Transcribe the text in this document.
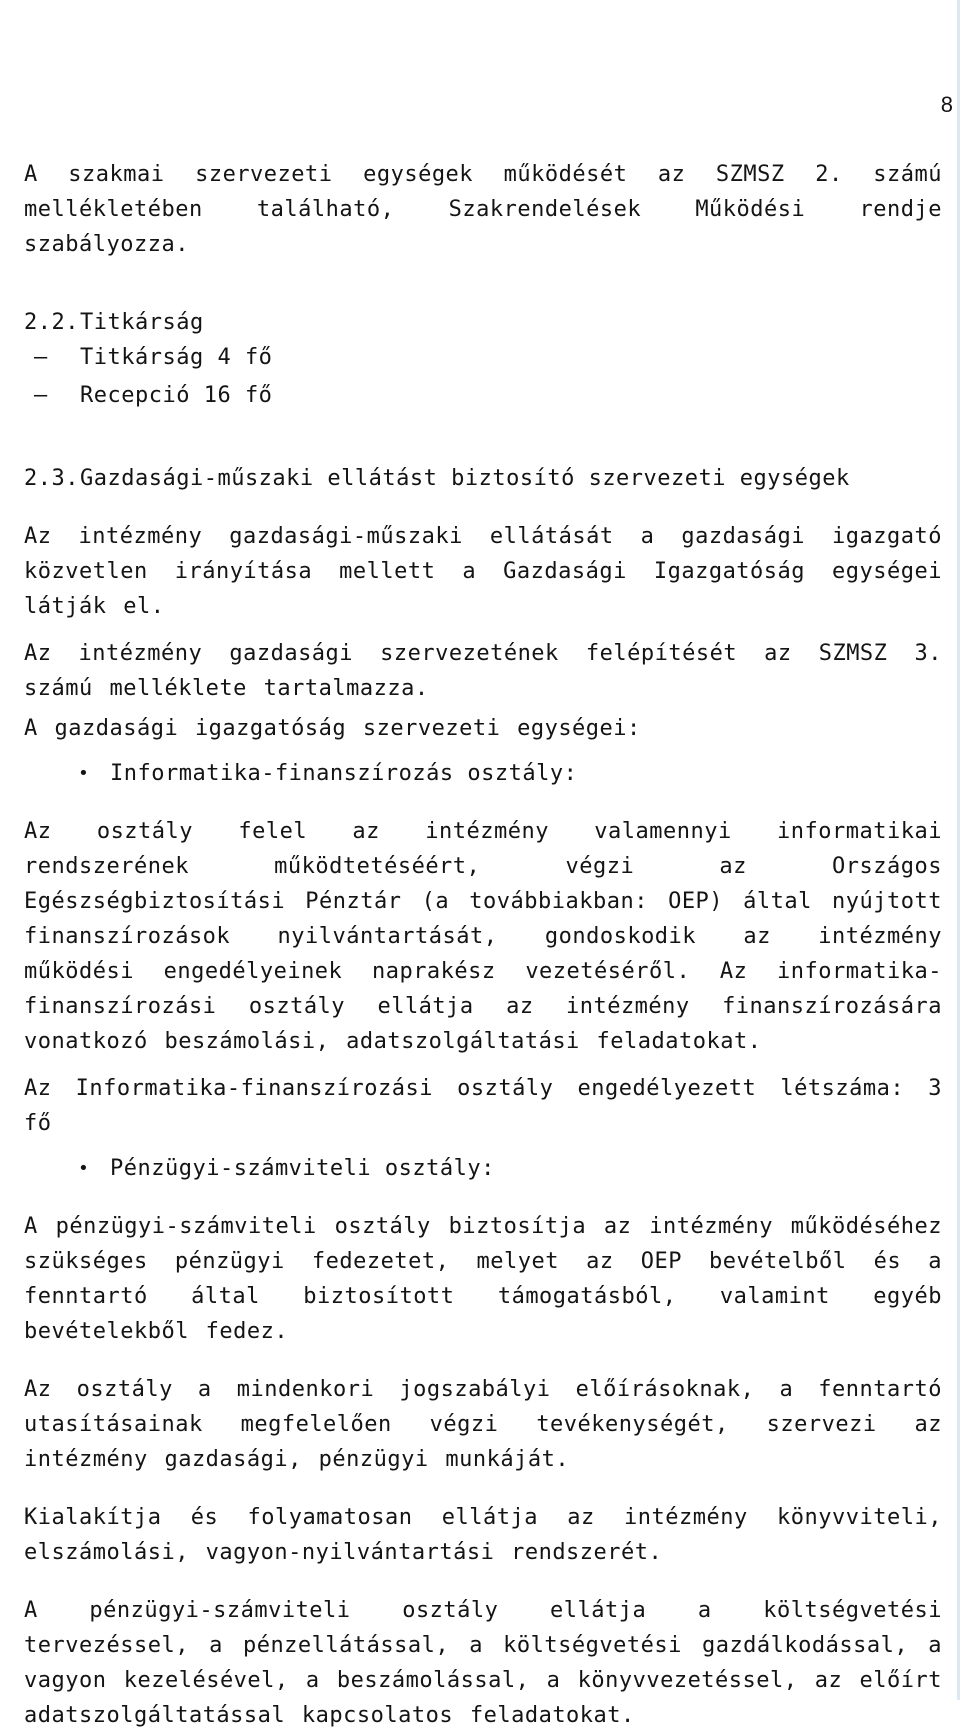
8

A szakmai szervezeti egységek működését az SZMSZ 2. számú mellékletében található, Szakrendelések Működési rendje szabályozza.

2.2. Titkárság
–	Titkárság 4 fő
–	Recepció 16 fő
2.3. Gazdasági-műszaki ellátást biztosító szervezeti egységek

Az intézmény gazdasági-műszaki ellátását a gazdasági igazgató közvetlen irányítása mellett a Gazdasági Igazgatóság egységei látják el.

Az intézmény gazdasági szervezetének felépítését az SZMSZ 3. számú melléklete tartalmazza.

A gazdasági igazgatóság szervezeti egységei:

• Informatika-finanszírozás osztály:

Az osztály felel az intézmény valamennyi informatikai rendszerének működtetéséért, végzi az Országos Egészségbiztosítási Pénztár (a továbbiakban: OEP) által nyújtott finanszírozások nyilvántartását, gondoskodik az intézmény működési engedélyeinek naprakész vezetéséről. Az informatika-finanszírozási osztály ellátja az intézmény finanszírozására vonatkozó beszámolási, adatszolgáltatási feladatokat.

Az Informatika-finanszírozási osztály engedélyezett létszáma: 3 fő

• Pénzügyi-számviteli osztály:

A pénzügyi-számviteli osztály biztosítja az intézmény működéséhez szükséges pénzügyi fedezetet, melyet az OEP bevételből és a fenntartó által biztosított támogatásból, valamint egyéb bevételekből fedez.

Az osztály a mindenkori jogszabályi előírásoknak, a fenntartó utasításainak megfelelően végzi tevékenységét, szervezi az intézmény gazdasági, pénzügyi munkáját.

Kialakítja és folyamatosan ellátja az intézmény könyvviteli, elszámolási, vagyon-nyilvántartási rendszerét.

A pénzügyi-számviteli osztály ellátja a költségvetési tervezéssel, a pénzellátással, a költségvetési gazdálkodással, a vagyon kezelésével, a beszámolással, a könyvvezetéssel, az előírt adatszolgáltatással kapcsolatos feladatokat.
